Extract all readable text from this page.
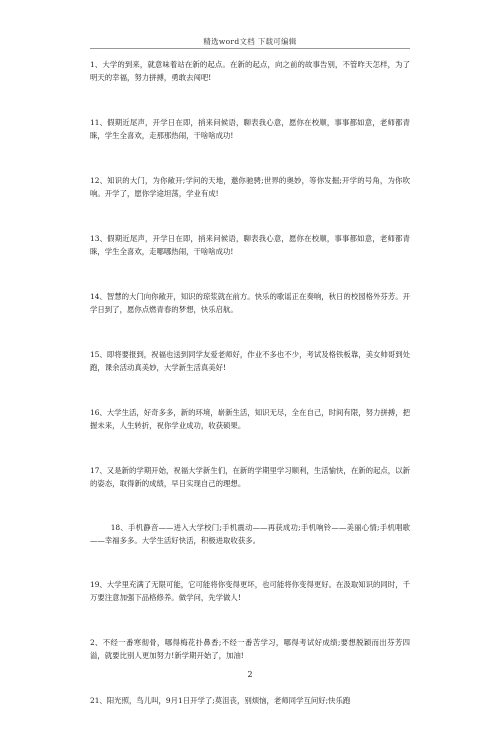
精选word文档 下载可编辑

1、大学的到来，就意味着站在新的起点。在新的起点，向之前的故事告别，不管昨天怎样，为了明天的幸福，努力拼搏，勇敢去闯吧!

11、假期近尾声，开学日在即，捎来问候语，聊表我心意，愿你在校顺，事事都如意，老师都青睐，学生全喜欢，走那那热闹，干啥啥成功!

12、知识的大门，为你敞开;学问的天地，邀你驰骋;世界的奥妙，等你发掘;开学的号角，为你吹响。开学了，愿你学途坦荡，学业有成!

13、假期近尾声，开学日在即，捎来问候语，聊表我心意，愿你在校顺，事事都如意，老师都青睐，学生全喜欢，走哪哪热闹，干啥啥成功!

14、智慧的大门向你敞开，知识的琼浆就在前方。快乐的歌谣正在奏响，秋日的校园格外芬芳。开学日到了，愿你点燃青春的梦想，快乐启航。

15、即将要报到，祝福也送到同学友爱老师好，作业不多也不少，考试及格铁板靠，美女帅哥到处跑，课余活动真美妙，大学新生活真美好!

16、大学生活，好奇多多，新的环境，崭新生活，知识无尽，全在自己，时间有限，努力拼搏，把握未来，人生转折，祝你学业成功，收获硕果。

17、又是新的学期开始，祝福大学新生们，在新的学期里学习顺利，生活愉快，在新的起点，以新的姿态，取得新的成绩，早日实现自己的理想。

18、手机静音——进入大学校门;手机震动——再获成功;手机响铃——美丽心情;手机唱歌——幸福多多。大学生活好快活，积极进取收获多。

19、大学里充满了无限可能，它可能将你变得更坏，也可能将你变得更好。在汲取知识的同时，千万要注意加强下品格修养。做学问，先学做人!

2、不经一番寒彻骨，哪得梅花扑鼻香;不经一番苦学习，哪得考试好成绩;要想脱颖而出芬芳四溢，就要比别人更加努力!新学期开始了，加油!

21、阳光照，鸟儿叫，9月1日开学了;莫沮丧，别烦恼，老师同学互问好;快乐跑

2
